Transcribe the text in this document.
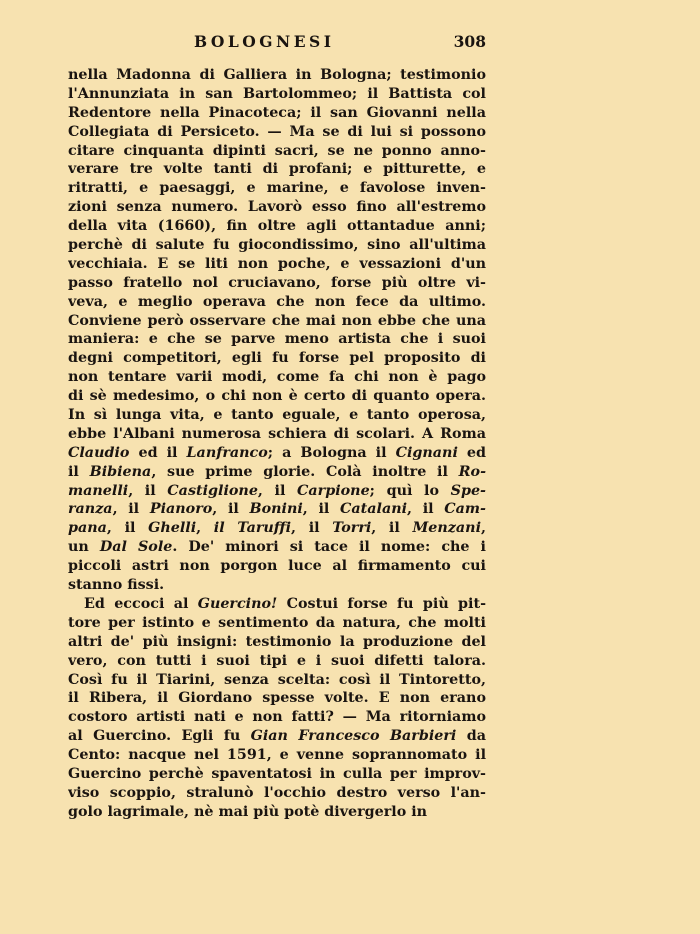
BOLOGNESI	308
nella Madonna di Galliera in Bologna; testimonio
l'Annunziata in san Bartolommeo; il Battista col
Redentore nella Pinacoteca; il san Giovanni nella
Collegiata di Persiceto. — Ma se di lui si possono
citare cinquanta dipinti sacri, se ne ponno anno-
verare tre volte tanti di profani; e pitturette, e
ritratti, e paesaggi, e marine, e favolose inven-
zioni senza numero. Lavorò esso fino all'estremo
della vita (1660), fin oltre agli ottantadue anni;
perchè di salute fu giocondissimo, sino all'ultima
vecchiaia. E se liti non poche, e vessazioni d'un
passo fratello nol cruciavano, forse più oltre vi-
veva, e meglio operava che non fece da ultimo.
Conviene però osservare che mai non ebbe che una
maniera: e che se parve meno artista che i suoi
degni competitori, egli fu forse pel proposito di
non tentare varii modi, come fa chi non è pago
di sè medesimo, o chi non è certo di quanto opera.
In sì lunga vita, e tanto eguale, e tanto operosa,
ebbe l'Albani numerosa schiera di scolari. A Roma
Claudio ed il Lanfranco; a Bologna il Cignani ed
il Bibiena, sue prime glorie. Colà inoltre il Ro-
manelli, il Castiglione, il Carpione; quì lo Spe-
ranza, il Pianoro, il Bonini, il Catalani, il Cam-
pana, il Ghelli, il Taruffi, il Torri, il Menzani,
un Dal Sole. De' minori si tace il nome: che i
piccoli astri non porgon luce al firmamento cui
stanno fissi.
Ed eccoci al Guercino! Costui forse fu più pit-
tore per istinto e sentimento da natura, che molti
altri de' più insigni: testimonio la produzione del
vero, con tutti i suoi tipi e i suoi difetti talora.
Così fu il Tiarini, senza scelta: così il Tintoretto,
il Ribera, il Giordano spesse volte. E non erano
costoro artisti nati e non fatti? — Ma ritorniamo
al Guercino. Egli fu Gian Francesco Barbieri da
Cento: nacque nel 1591, e venne soprannomato il
Guercino perchè spaventatosi in culla per improv-
viso scoppio, stralunò l'occhio destro verso l'an-
golo lagrimale, nè mai più potè divergerlo in
